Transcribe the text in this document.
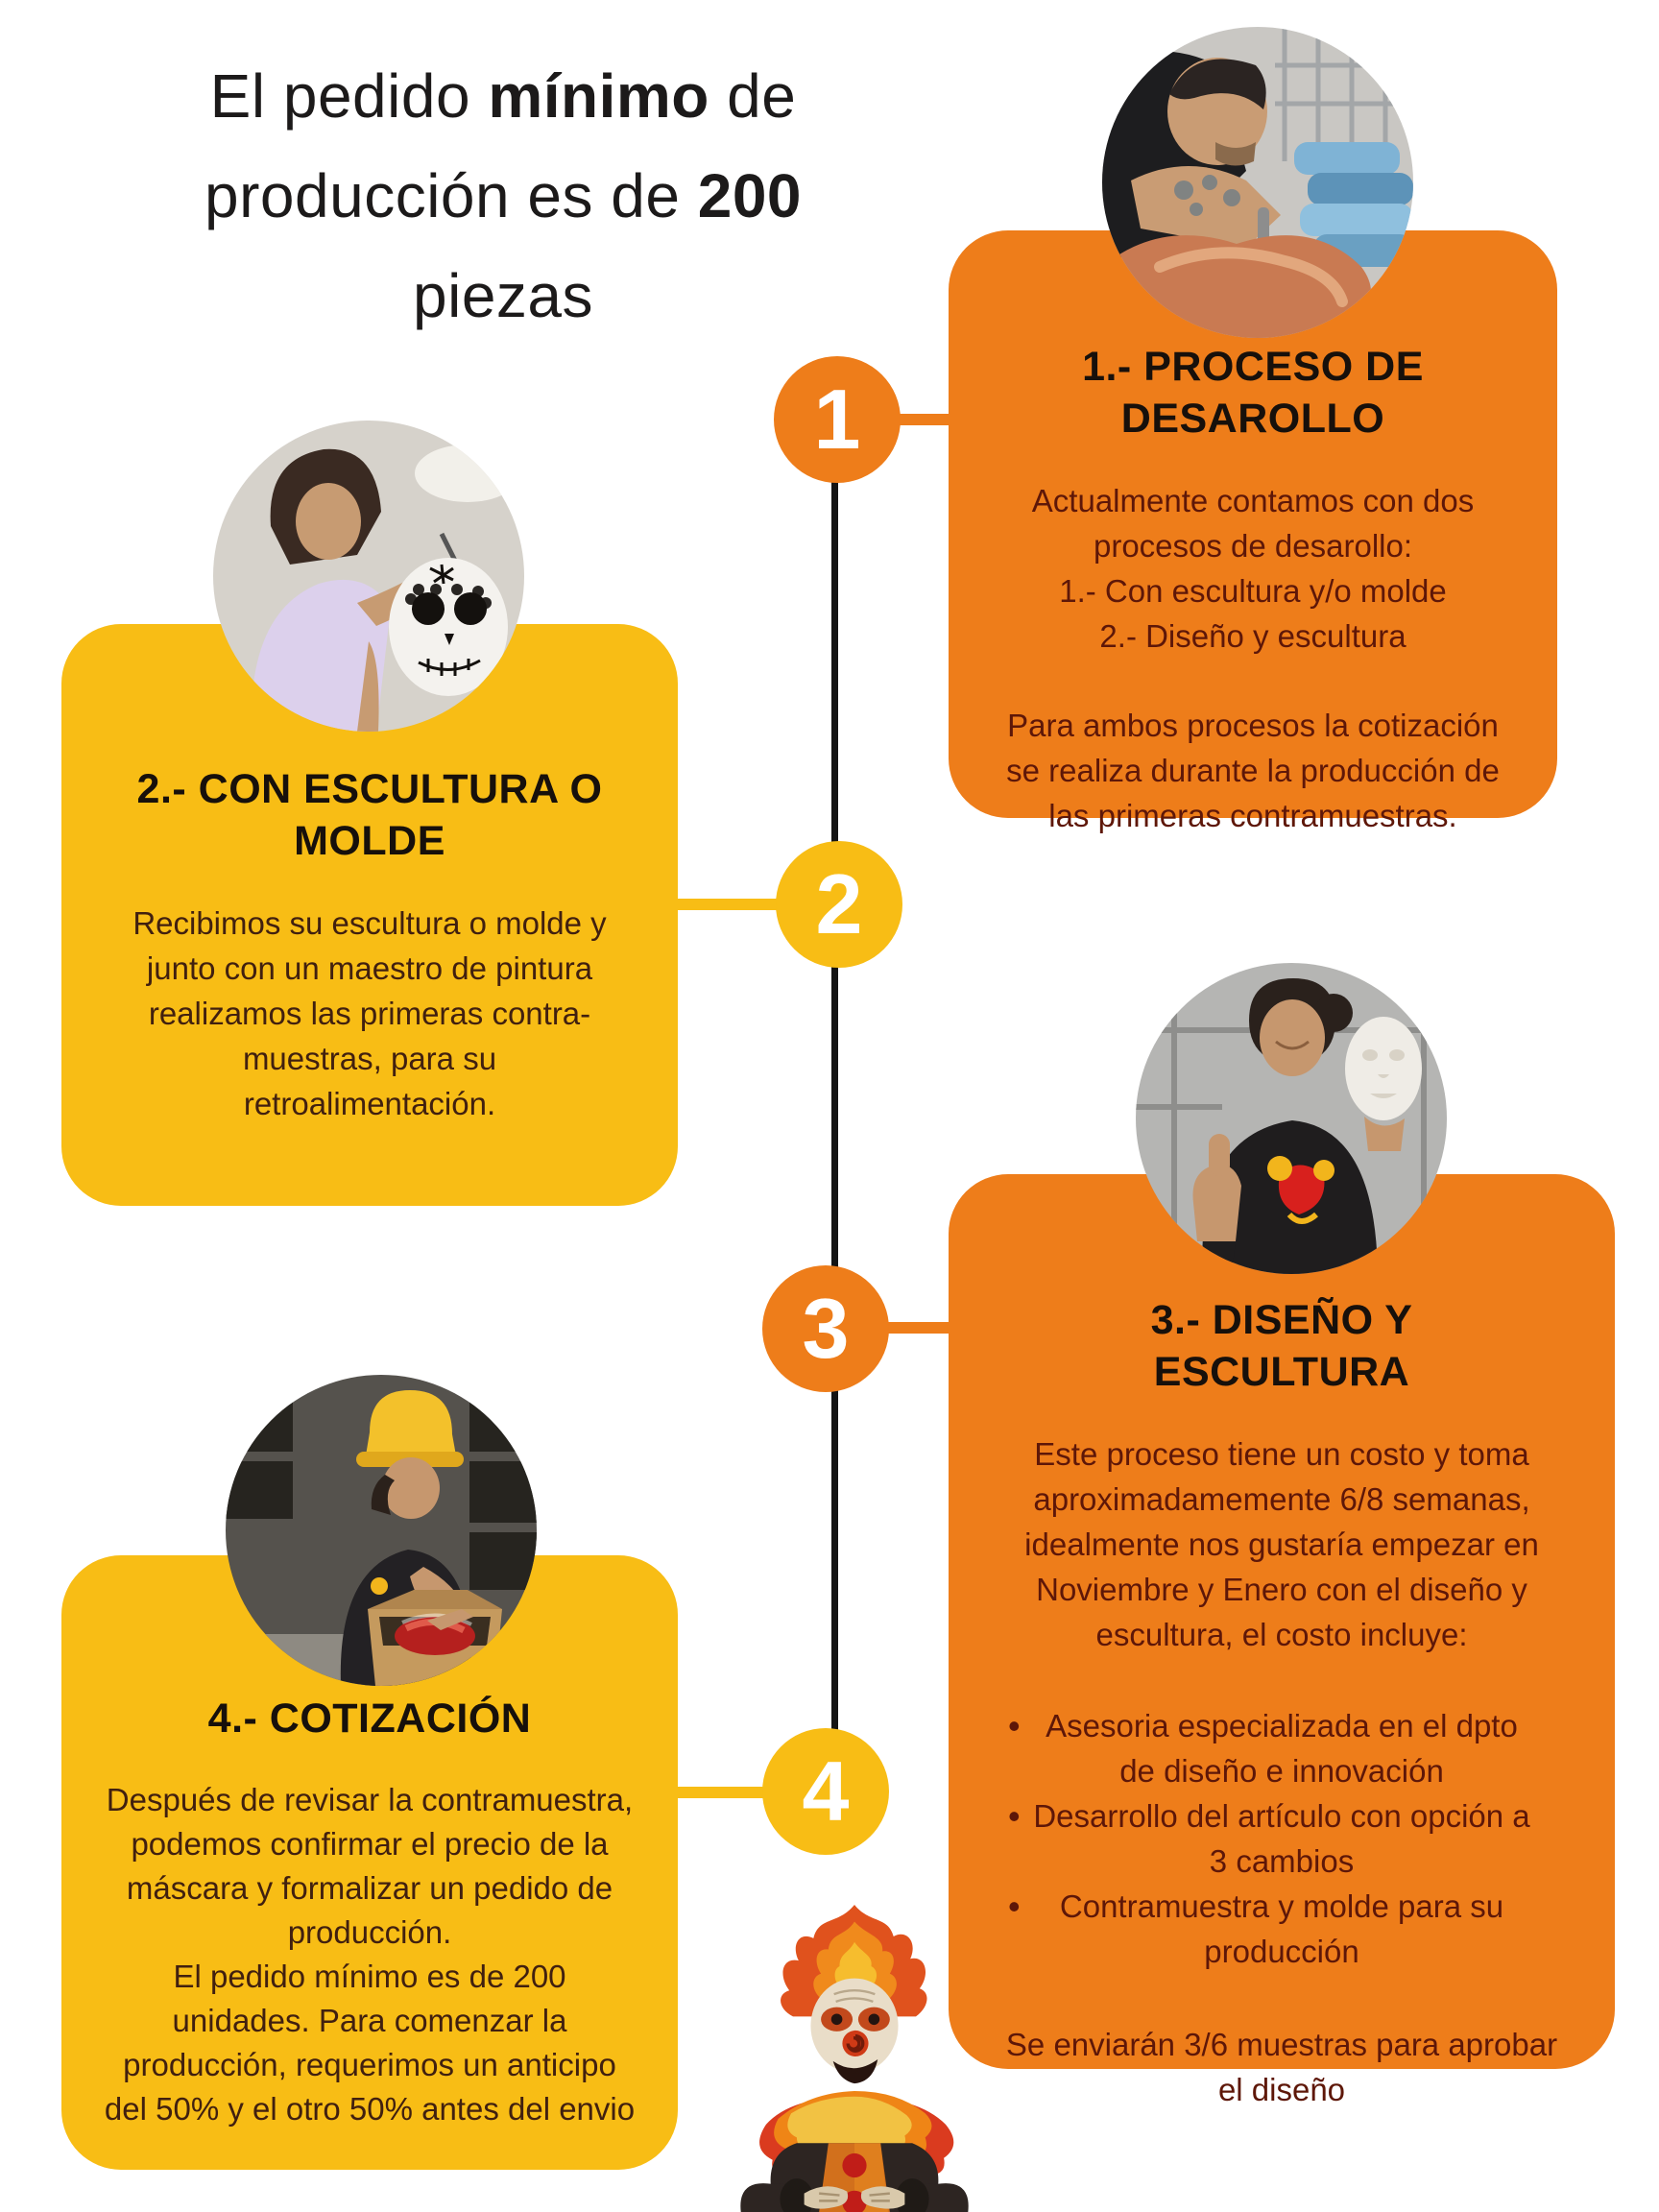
El pedido mínimo de
producción es de 200
piezas
1
2
3
4
1.- PROCESO DE DESAROLLO
Actualmente contamos con dos
procesos de desarollo:
1.- Con escultura y/o molde
2.- Diseño y escultura
Para ambos procesos la cotización
se realiza durante la producción de
las primeras contramuestras.
2.- CON ESCULTURA O MOLDE
Recibimos su escultura o molde y
junto con un maestro de pintura
realizamos las primeras contra-
muestras, para su
retroalimentación.
3.- DISEÑO Y ESCULTURA
Este proceso tiene un costo y toma
aproximadamemente 6/8 semanas,
idealmente nos gustaría empezar en
Noviembre y Enero con el diseño y
escultura, el costo incluye:
• Asesoria especializada en el dpto de diseño e innovación
• Desarrollo del artículo con opción a 3 cambios
• Contramuestra y molde para su producción
Se enviarán 3/6 muestras para aprobar
el diseño
4.- COTIZACIÓN
Después de revisar la contramuestra,
podemos confirmar el precio de la
máscara y formalizar un pedido de
producción.
El pedido mínimo es de 200
unidades. Para comenzar la
producción, requerimos un anticipo
del 50% y el otro 50% antes del envio
